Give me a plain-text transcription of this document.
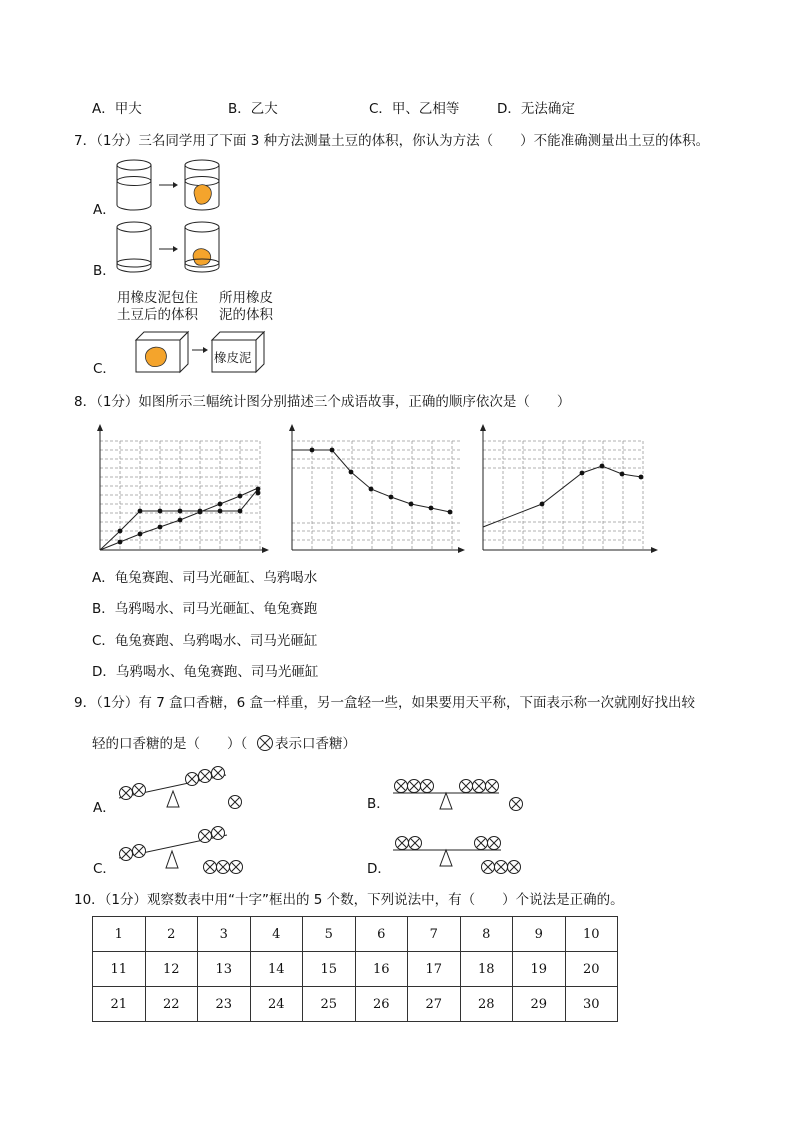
A．甲大	B．乙大	C．甲、乙相等	D．无法确定
7．（1分）三名同学用了下面 3 种方法测量土豆的体积，你认为方法（　　）不能准确测量出土豆的体积。
A．
B．
用橡皮泥包住
土豆后的体积
所用橡皮
泥的体积
C．
橡皮泥
8．（1分）如图所示三幅统计图分别描述三个成语故事，正确的顺序依次是（　　）
A．龟兔赛跑、司马光砸缸、乌鸦喝水
B．乌鸦喝水、司马光砸缸、龟兔赛跑
C．龟兔赛跑、乌鸦喝水、司马光砸缸
D．乌鸦喝水、龟兔赛跑、司马光砸缸
9．（1分）有 7 盒口香糖，6 盒一样重，另一盒轻一些，如果要用天平称，下面表示称一次就刚好找出较
轻的口香糖的是（　　）（ 表示口香糖）
A．	B．
C．	D．
10．（1分）观察数表中用“十字”框出的 5 个数，下列说法中，有（　　）个说法是正确的。
1	2	3	4	5	6	7	8	9	10
11	12	13	14	15	16	17	18	19	20
21	22	23	24	25	26	27	28	29	30
